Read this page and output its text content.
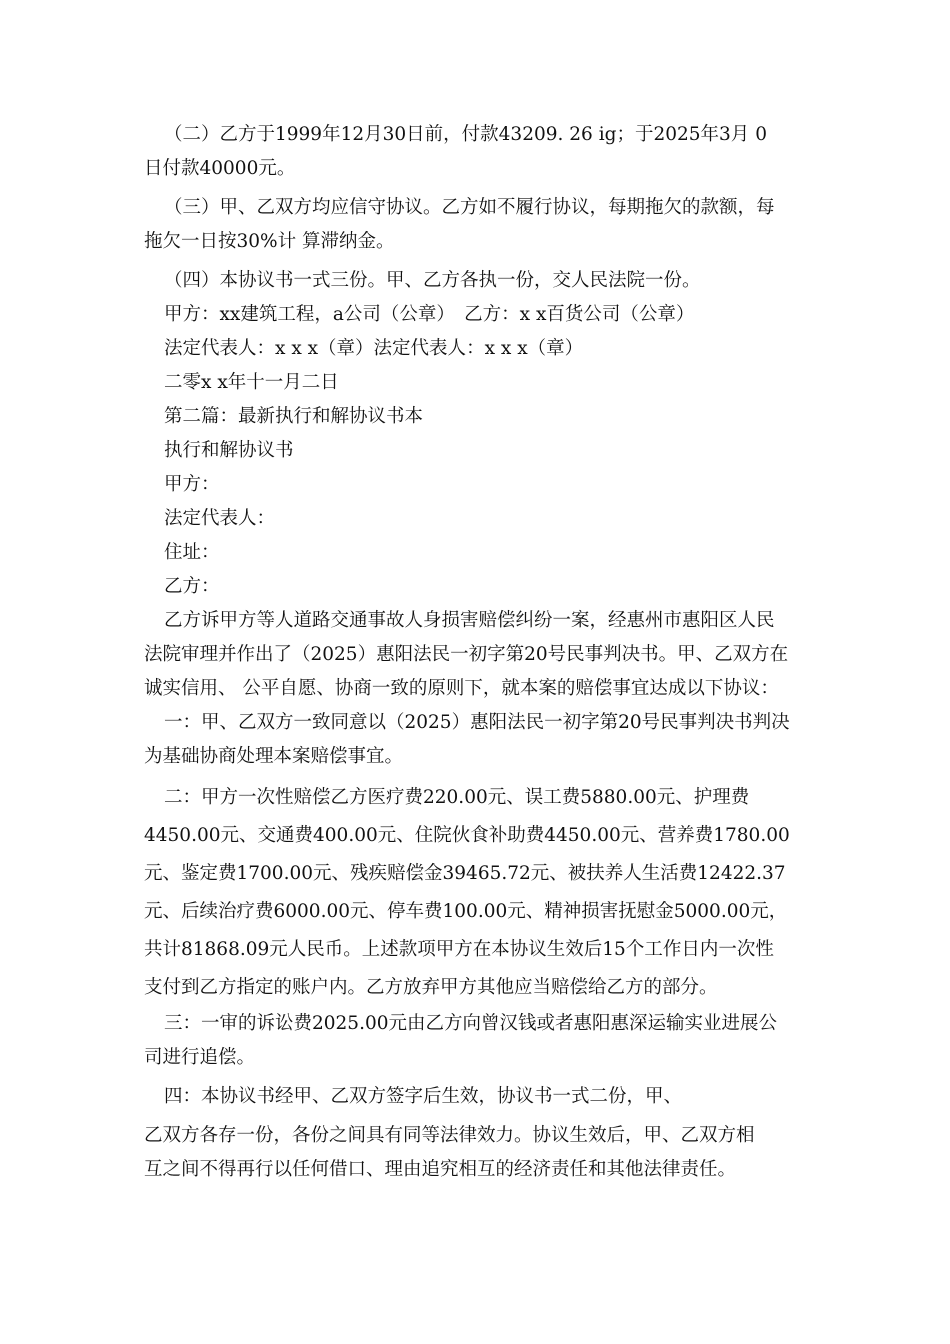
（二）乙方于1999年12月30日前，付款43209. 26 ig；于2025年3月 0
日付款40000元。
（三）甲、乙双方均应信守协议。乙方如不履行协议，每期拖欠的款额，每
拖欠一日按30%计 算滞纳金。
（四）本协议书一式三份。甲、乙方各执一份，交人民法院一份。
甲方：xx建筑工程，a公司（公章）　乙方：x x百货公司（公章）
法定代表人：x x x（章）法定代表人：x x x（章）
二零x x年十一月二日
第二篇：最新执行和解协议书本
执行和解协议书
甲方：
法定代表人：
住址：
乙方：
乙方诉甲方等人道路交通事故人身损害赔偿纠纷一案，经惠州市惠阳区人民
法院审理并作出了（2025）惠阳法民一初字第20号民事判决书。甲、乙双方在
诚实信用、 公平自愿、协商一致的原则下，就本案的赔偿事宜达成以下协议：
一：甲、乙双方一致同意以（2025）惠阳法民一初字第20号民事判决书判决
为基础协商处理本案赔偿事宜。
二：甲方一次性赔偿乙方医疗费220.00元、误工费5880.00元、护理费
4450.00元、交通费400.00元、住院伙食补助费4450.00元、营养费1780.00
元、鉴定费1700.00元、残疾赔偿金39465.72元、被扶养人生活费12422.37
元、后续治疗费6000.00元、停车费100.00元、精神损害抚慰金5000.00元，
共计81868.09元人民币。上述款项甲方在本协议生效后15个工作日内一次性
支付到乙方指定的账户内。乙方放弃甲方其他应当赔偿给乙方的部分。
三：一审的诉讼费2025.00元由乙方向曾汉钱或者惠阳惠深运输实业进展公
司进行追偿。
四：本协议书经甲、乙双方签字后生效，协议书一式二份，甲、
乙双方各存一份，各份之间具有同等法律效力。协议生效后，甲、乙双方相
互之间不得再行以任何借口、理由追究相互的经济责任和其他法律责任。
